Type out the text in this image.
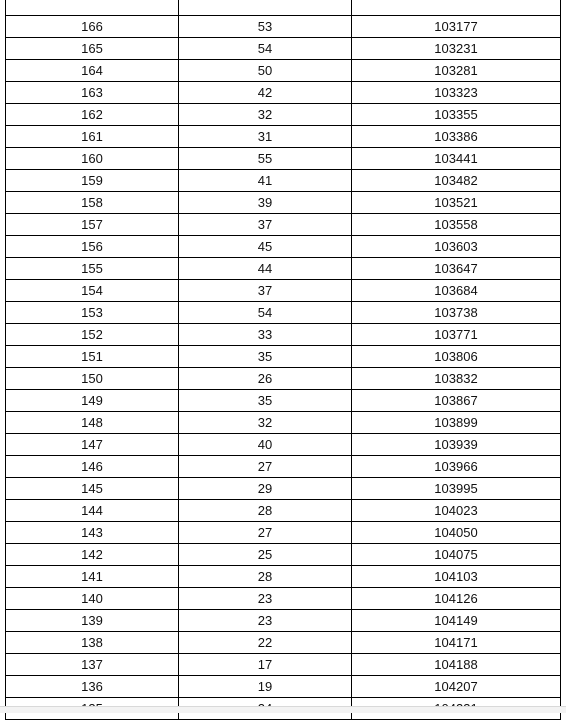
166	53	103177
165	54	103231
164	50	103281
163	42	103323
162	32	103355
161	31	103386
160	55	103441
159	41	103482
158	39	103521
157	37	103558
156	45	103603
155	44	103647
154	37	103684
153	54	103738
152	33	103771
151	35	103806
150	26	103832
149	35	103867
148	32	103899
147	40	103939
146	27	103966
145	29	103995
144	28	104023
143	27	104050
142	25	104075
141	28	104103
140	23	104126
139	23	104149
138	22	104171
137	17	104188
136	19	104207
